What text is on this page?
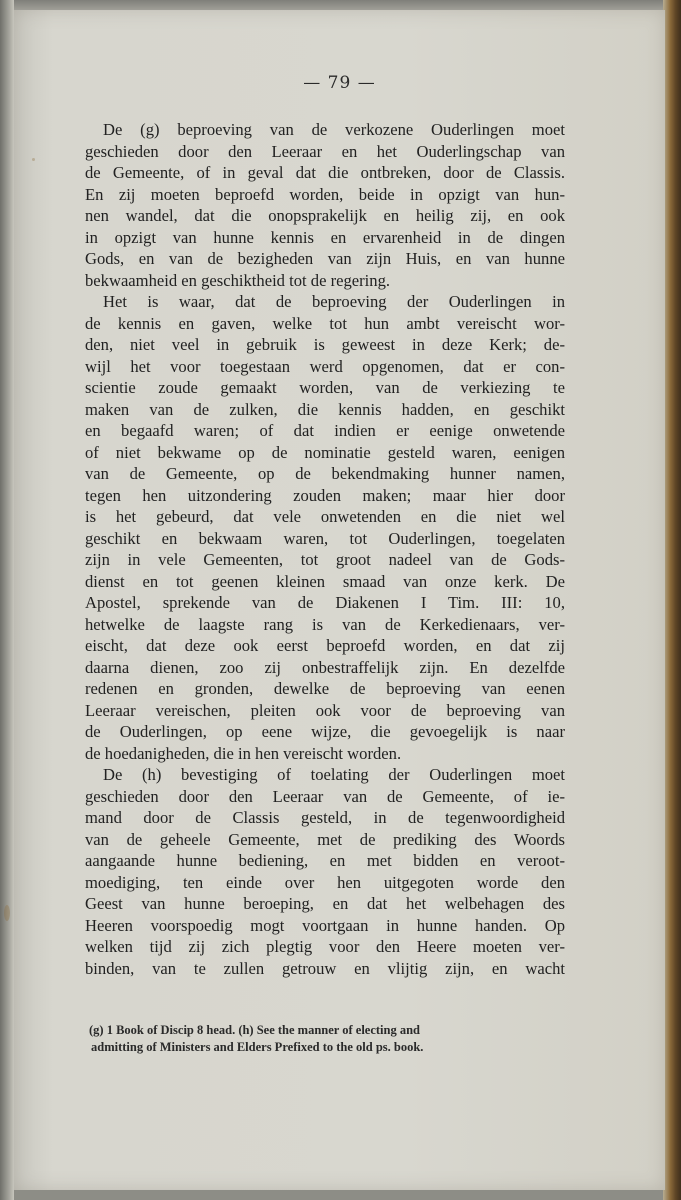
— 79 —
De (g) beproeving van de verkozene Ouderlingen moet
geschieden door den Leeraar en het Ouderlingschap van
de Gemeente, of in geval dat die ontbreken, door de Classis.
En zij moeten beproefd worden, beide in opzigt van hun-
nen wandel, dat die onopsprakelijk en heilig zij, en ook
in opzigt van hunne kennis en ervarenheid in de dingen
Gods, en van de bezigheden van zijn Huis, en van hunne
bekwaamheid en geschiktheid tot de regering.
Het is waar, dat de beproeving der Ouderlingen in
de kennis en gaven, welke tot hun ambt vereischt wor-
den, niet veel in gebruik is geweest in deze Kerk; de-
wijl het voor toegestaan werd opgenomen, dat er con-
scientie zoude gemaakt worden, van de verkiezing te
maken van de zulken, die kennis hadden, en geschikt
en begaafd waren; of dat indien er eenige onwetende
of niet bekwame op de nominatie gesteld waren, eenigen
van de Gemeente, op de bekendmaking hunner namen,
tegen hen uitzondering zouden maken; maar hier door
is het gebeurd, dat vele onwetenden en die niet wel
geschikt en bekwaam waren, tot Ouderlingen, toegelaten
zijn in vele Gemeenten, tot groot nadeel van de Gods-
dienst en tot geenen kleinen smaad van onze kerk. De
Apostel, sprekende van de Diakenen I Tim. III: 10,
hetwelke de laagste rang is van de Kerkedienaars, ver-
eischt, dat deze ook eerst beproefd worden, en dat zij
daarna dienen, zoo zij onbestraffelijk zijn. En dezelfde
redenen en gronden, dewelke de beproeving van eenen
Leeraar vereischen, pleiten ook voor de beproeving van
de Ouderlingen, op eene wijze, die gevoegelijk is naar
de hoedanigheden, die in hen vereischt worden.
De (h) bevestiging of toelating der Ouderlingen moet
geschieden door den Leeraar van de Gemeente, of ie-
mand door de Classis gesteld, in de tegenwoordigheid
van de geheele Gemeente, met de prediking des Woords
aangaande hunne bediening, en met bidden en veroot-
moediging, ten einde over hen uitgegoten worde den
Geest van hunne beroeping, en dat het welbehagen des
Heeren voorspoedig mogt voortgaan in hunne handen. Op
welken tijd zij zich plegtig voor den Heere moeten ver-
binden, van te zullen getrouw en vlijtig zijn, en wacht
(g) 1 Book of Discip 8 head. (h) See the manner of electing and
admitting of Ministers and Elders Prefixed to the old ps. book.
